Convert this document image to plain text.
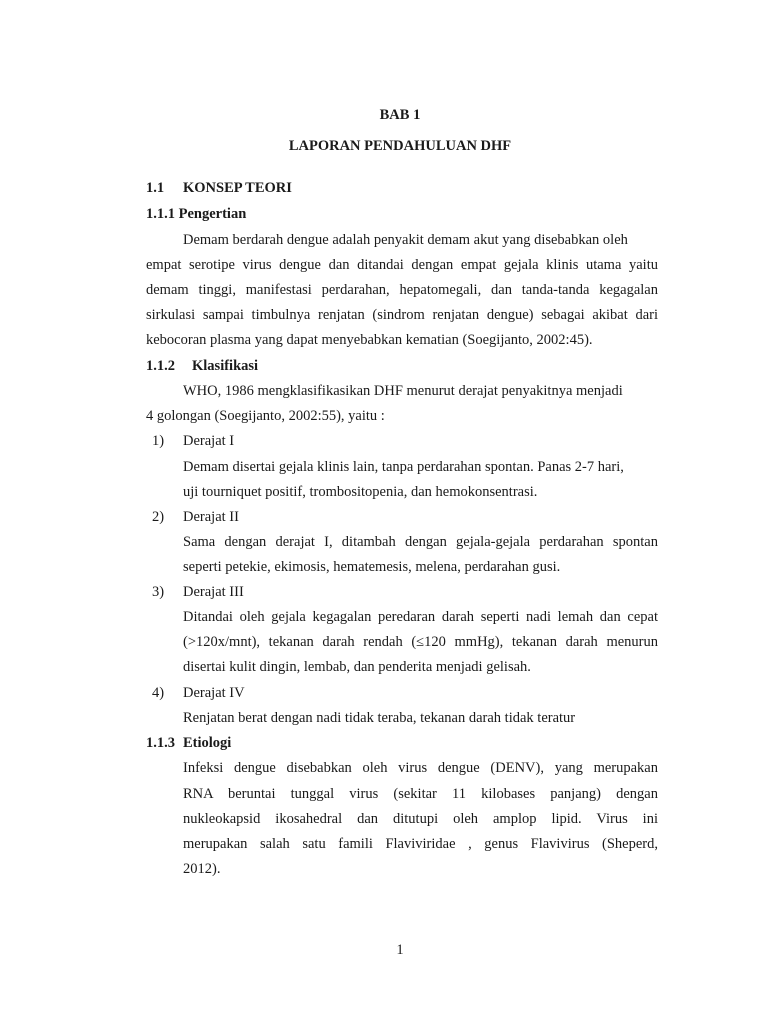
BAB 1
LAPORAN PENDAHULUAN DHF
1.1 KONSEP TEORI
1.1.1 Pengertian
Demam berdarah dengue adalah penyakit demam akut yang disebabkan oleh
empat serotipe virus dengue dan ditandai dengan empat gejala klinis utama yaitu
demam tinggi, manifestasi perdarahan, hepatomegali, dan tanda-tanda kegagalan
sirkulasi sampai timbulnya renjatan (sindrom renjatan dengue) sebagai akibat dari
kebocoran plasma yang dapat menyebabkan kematian (Soegijanto, 2002:45).
1.1.2 Klasifikasi
WHO, 1986 mengklasifikasikan DHF menurut derajat penyakitnya menjadi
4 golongan (Soegijanto, 2002:55), yaitu :
1) Derajat I
Demam disertai gejala klinis lain, tanpa perdarahan spontan. Panas 2-7 hari,
uji tourniquet positif, trombositopenia, dan hemokonsentrasi.
2) Derajat II
Sama dengan derajat I, ditambah dengan gejala-gejala perdarahan spontan
seperti petekie, ekimosis, hematemesis, melena, perdarahan gusi.
3) Derajat III
Ditandai oleh gejala kegagalan peredaran darah seperti nadi lemah dan cepat
(>120x/mnt), tekanan darah rendah (≤120 mmHg), tekanan darah menurun
disertai kulit dingin, lembab, dan penderita menjadi gelisah.
4) Derajat IV
Renjatan berat dengan nadi tidak teraba, tekanan darah tidak teratur
1.1.3 Etiologi
Infeksi dengue disebabkan oleh virus dengue (DENV), yang merupakan
RNA beruntai tunggal virus (sekitar 11 kilobases panjang) dengan
nukleokapsid ikosahedral dan ditutupi oleh amplop lipid. Virus ini
merupakan salah satu famili Flaviviridae , genus Flavivirus (Sheperd,
2012).
1
